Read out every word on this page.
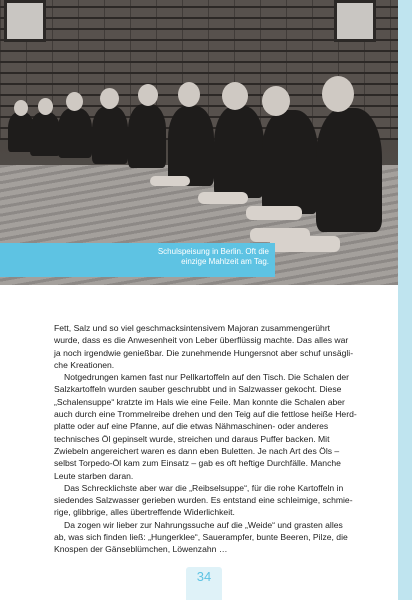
Schulspeisung in Berlin. Oft die
einzige Mahlzeit am Tag.

Fett, Salz und so viel geschmacksintensivem Majoran zusammengerührt
wurde, dass es die Anwesenheit von Leber überflüssig machte. Das alles war
ja noch irgendwie genießbar. Die zunehmende Hungersnot aber schuf unsägli-
che Kreationen.

Notgedrungen kamen fast nur Pellkartoffeln auf den Tisch. Die Schalen der
Salzkartoffeln wurden sauber geschrubbt und in Salzwasser gekocht. Diese
„Schalensuppe“ kratzte im Hals wie eine Feile. Man konnte die Schalen aber
auch durch eine Trommelreibe drehen und den Teig auf die fettlose heiße Herd-
platte oder auf eine Pfanne, auf die etwas Nähmaschinen- oder anderes
technisches Öl gepinselt wurde, streichen und daraus Puffer backen. Mit
Zwiebeln angereichert waren es dann eben Buletten. Je nach Art des Öls –
selbst Torpedo-Öl kam zum Einsatz – gab es oft heftige Durchfälle. Manche
Leute starben daran.

Das Schrecklichste aber war die „Reibselsuppe“, für die rohe Kartoffeln in
siedendes Salzwasser gerieben wurden. Es entstand eine schleimige, schmie-
rige, glibbrige, alles übertreffende Widerlichkeit.

Da zogen wir lieber zur Nahrungssuche auf die „Weide“ und grasten alles
ab, was sich finden ließ: „Hungerklee“, Sauerampfer, bunte Beeren, Pilze, die
Knospen der Gänseblümchen, Löwenzahn …

34
